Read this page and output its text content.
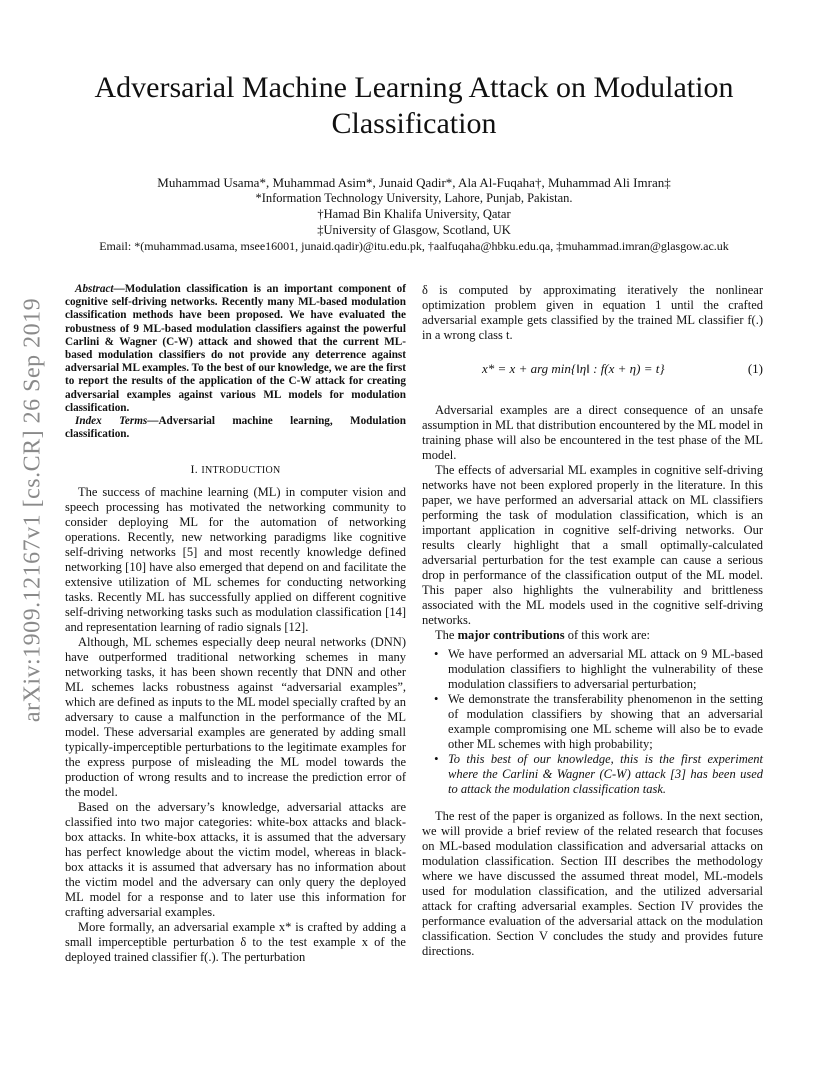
arXiv:1909.12167v1 [cs.CR] 26 Sep 2019
Adversarial Machine Learning Attack on Modulation Classification
Muhammad Usama*, Muhammad Asim*, Junaid Qadir*, Ala Al-Fuqaha†, Muhammad Ali Imran‡
*Information Technology University, Lahore, Punjab, Pakistan.
†Hamad Bin Khalifa University, Qatar
‡University of Glasgow, Scotland, UK
Email: *(muhammad.usama, msee16001, junaid.qadir)@itu.edu.pk, †aalfuqaha@hbku.edu.qa, ‡muhammad.imran@glasgow.ac.uk

Abstract—Modulation classification is an important component of cognitive self-driving networks. Recently many ML-based modulation classification methods have been proposed. We have evaluated the robustness of 9 ML-based modulation classifiers against the powerful Carlini & Wagner (C-W) attack and showed that the current ML-based modulation classifiers do not provide any deterrence against adversarial ML examples. To the best of our knowledge, we are the first to report the results of the application of the C-W attack for creating adversarial examples against various ML models for modulation classification.

Index Terms—Adversarial machine learning, Modulation classification.

I. INTRODUCTION

The success of machine learning (ML) in computer vision and speech processing has motivated the networking community to consider deploying ML for the automation of networking operations. Recently, new networking paradigms like cognitive self-driving networks [5] and most recently knowledge defined networking [10] have also emerged that depend on and facilitate the extensive utilization of ML schemes for conducting networking tasks. Recently ML has successfully applied on different cognitive self-driving networking tasks such as modulation classification [14] and representation learning of radio signals [12].

Although, ML schemes especially deep neural networks (DNN) have outperformed traditional networking schemes in many networking tasks, it has been shown recently that DNN and other ML schemes lacks robustness against “adversarial examples”, which are defined as inputs to the ML model specially crafted by an adversary to cause a malfunction in the performance of the ML model. These adversarial examples are generated by adding small typically-imperceptible perturbations to the legitimate examples for the express purpose of misleading the ML model towards the production of wrong results and to increase the prediction error of the model.

Based on the adversary’s knowledge, adversarial attacks are classified into two major categories: white-box attacks and black-box attacks. In white-box attacks, it is assumed that the adversary has perfect knowledge about the victim model, whereas in black-box attacks it is assumed that adversary has no information about the victim model and the adversary can only query the deployed ML model for a response and to later use this information for crafting adversarial examples.

More formally, an adversarial example x* is crafted by adding a small imperceptible perturbation δ to the test example x of the deployed trained classifier f(.). The perturbation

δ is computed by approximating iteratively the nonlinear optimization problem given in equation 1 until the crafted adversarial example gets classified by the trained ML classifier f(.) in a wrong class t.

x* = x + arg min{‖η‖ : f(x + η) = t}	(1)

Adversarial examples are a direct consequence of an unsafe assumption in ML that distribution encountered by the ML model in training phase will also be encountered in the test phase of the ML model.

The effects of adversarial ML examples in cognitive self-driving networks have not been explored properly in the literature. In this paper, we have performed an adversarial attack on ML classifiers performing the task of modulation classification, which is an important application in cognitive self-driving networks. Our results clearly highlight that a small optimally-calculated adversarial perturbation for the test example can cause a serious drop in performance of the classification output of the ML model. This paper also highlights the vulnerability and brittleness associated with the ML models used in the cognitive self-driving networks.

The major contributions of this work are:

• We have performed an adversarial ML attack on 9 ML-based modulation classifiers to highlight the vulnerability of these modulation classifiers to adversarial perturbation;
• We demonstrate the transferability phenomenon in the setting of modulation classifiers by showing that an adversarial example compromising one ML scheme will also be to evade other ML schemes with high probability;
• To this best of our knowledge, this is the first experiment where the Carlini & Wagner (C-W) attack [3] has been used to attack the modulation classification task.

The rest of the paper is organized as follows. In the next section, we will provide a brief review of the related research that focuses on ML-based modulation classification and adversarial attacks on modulation classification. Section III describes the methodology where we have discussed the assumed threat model, ML-models used for modulation classification, and the utilized adversarial attack for crafting adversarial examples. Section IV provides the performance evaluation of the adversarial attack on the modulation classification. Section V concludes the study and provides future directions.
